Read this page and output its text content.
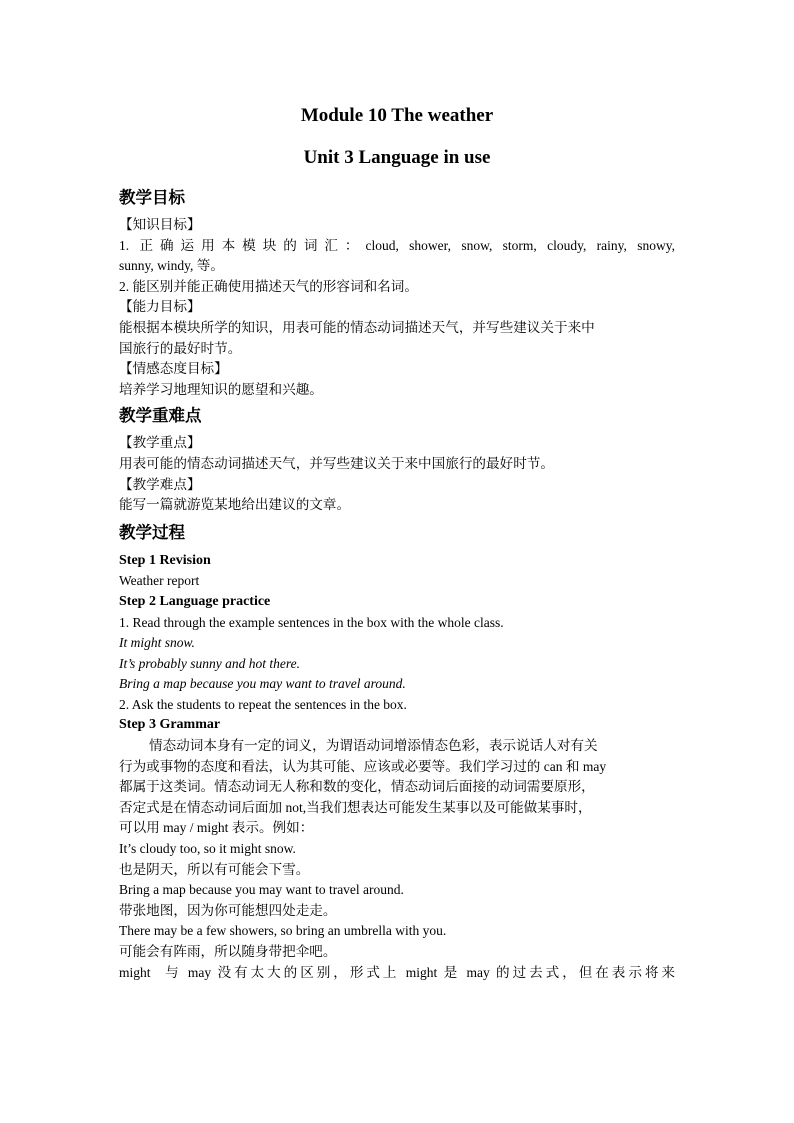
Module 10 The weather

Unit 3 Language in use

教学目标

【知识目标】

1. 正确运用本模块的词汇：cloud, shower, snow, storm, cloudy, rainy, snowy,

sunny, windy, 等。

2. 能区别并能正确使用描述天气的形容词和名词。

【能力目标】

能根据本模块所学的知识，用表可能的情态动词描述天气，并写些建议关于来中

国旅行的最好时节。

【情感态度目标】

培养学习地理知识的愿望和兴趣。

教学重难点

【教学重点】

用表可能的情态动词描述天气，并写些建议关于来中国旅行的最好时节。

【教学难点】

能写一篇就游览某地给出建议的文章。

教学过程

Step 1 Revision

Weather report

Step 2 Language practice

1. Read through the example sentences in the box with the whole class.

It might snow.

It’s probably sunny and hot there.

Bring a map because you may want to travel around.

2. Ask the students to repeat the sentences in the box.

Step 3 Grammar

情态动词本身有一定的词义，为谓语动词增添情态色彩，表示说话人对有关

行为或事物的态度和看法，认为其可能、应该或必要等。我们学习过的 can 和 may

都属于这类词。情态动词无人称和数的变化，情态动词后面接的动词需要原形，

否定式是在情态动词后面加 not,当我们想表达可能发生某事以及可能做某事时，

可以用 may / might 表示。例如：

It’s cloudy too, so it might snow.

也是阴天，所以有可能会下雪。

Bring a map because you may want to travel around.

带张地图，因为你可能想四处走走。

There may be a few showers, so bring an umbrella with you.

可能会有阵雨，所以随身带把伞吧。

might 与 may 没有太大的区别，形式上 might 是 may 的过去式，但在表示将来
